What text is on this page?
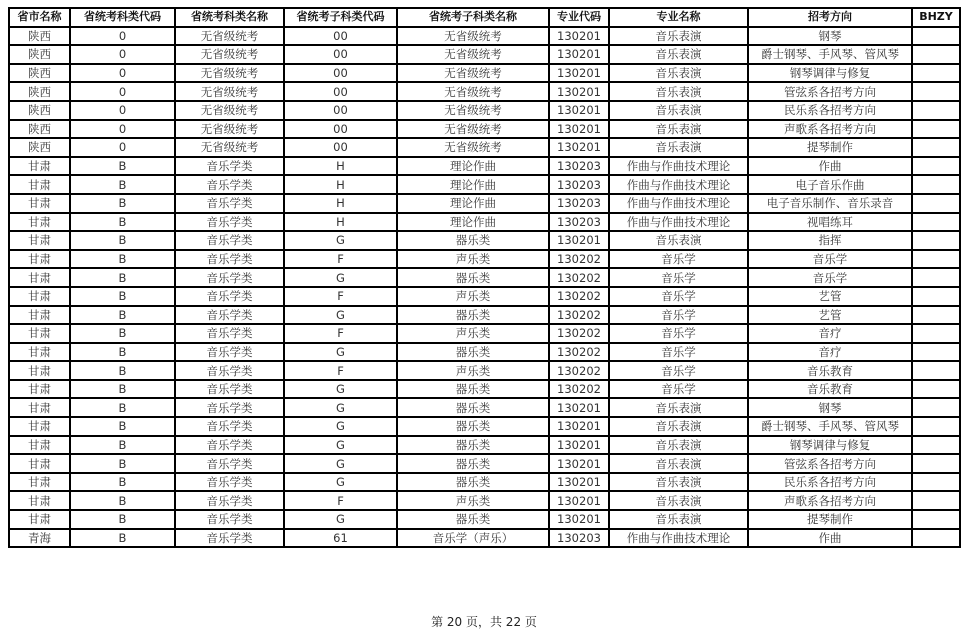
省市名称	省统考科类代码	省统考科类名称	省统考子科类代码	省统考子科类名称	专业代码	专业名称	招考方向	BHZY
陕西	0	无省级统考	00	无省级统考	130201	音乐表演	钢琴	
陕西	0	无省级统考	00	无省级统考	130201	音乐表演	爵士钢琴、手风琴、管风琴	
陕西	0	无省级统考	00	无省级统考	130201	音乐表演	钢琴调律与修复	
陕西	0	无省级统考	00	无省级统考	130201	音乐表演	管弦系各招考方向	
陕西	0	无省级统考	00	无省级统考	130201	音乐表演	民乐系各招考方向	
陕西	0	无省级统考	00	无省级统考	130201	音乐表演	声歌系各招考方向	
陕西	0	无省级统考	00	无省级统考	130201	音乐表演	提琴制作	
甘肃	B	音乐学类	H	理论作曲	130203	作曲与作曲技术理论	作曲	
甘肃	B	音乐学类	H	理论作曲	130203	作曲与作曲技术理论	电子音乐作曲	
甘肃	B	音乐学类	H	理论作曲	130203	作曲与作曲技术理论	电子音乐制作、音乐录音	
甘肃	B	音乐学类	H	理论作曲	130203	作曲与作曲技术理论	视唱练耳	
甘肃	B	音乐学类	G	器乐类	130201	音乐表演	指挥	
甘肃	B	音乐学类	F	声乐类	130202	音乐学	音乐学	
甘肃	B	音乐学类	G	器乐类	130202	音乐学	音乐学	
甘肃	B	音乐学类	F	声乐类	130202	音乐学	艺管	
甘肃	B	音乐学类	G	器乐类	130202	音乐学	艺管	
甘肃	B	音乐学类	F	声乐类	130202	音乐学	音疗	
甘肃	B	音乐学类	G	器乐类	130202	音乐学	音疗	
甘肃	B	音乐学类	F	声乐类	130202	音乐学	音乐教育	
甘肃	B	音乐学类	G	器乐类	130202	音乐学	音乐教育	
甘肃	B	音乐学类	G	器乐类	130201	音乐表演	钢琴	
甘肃	B	音乐学类	G	器乐类	130201	音乐表演	爵士钢琴、手风琴、管风琴	
甘肃	B	音乐学类	G	器乐类	130201	音乐表演	钢琴调律与修复	
甘肃	B	音乐学类	G	器乐类	130201	音乐表演	管弦系各招考方向	
甘肃	B	音乐学类	G	器乐类	130201	音乐表演	民乐系各招考方向	
甘肃	B	音乐学类	F	声乐类	130201	音乐表演	声歌系各招考方向	
甘肃	B	音乐学类	G	器乐类	130201	音乐表演	提琴制作	
青海	B	音乐学类	61	音乐学（声乐）	130203	作曲与作曲技术理论	作曲	
第 20 页，共 22 页
